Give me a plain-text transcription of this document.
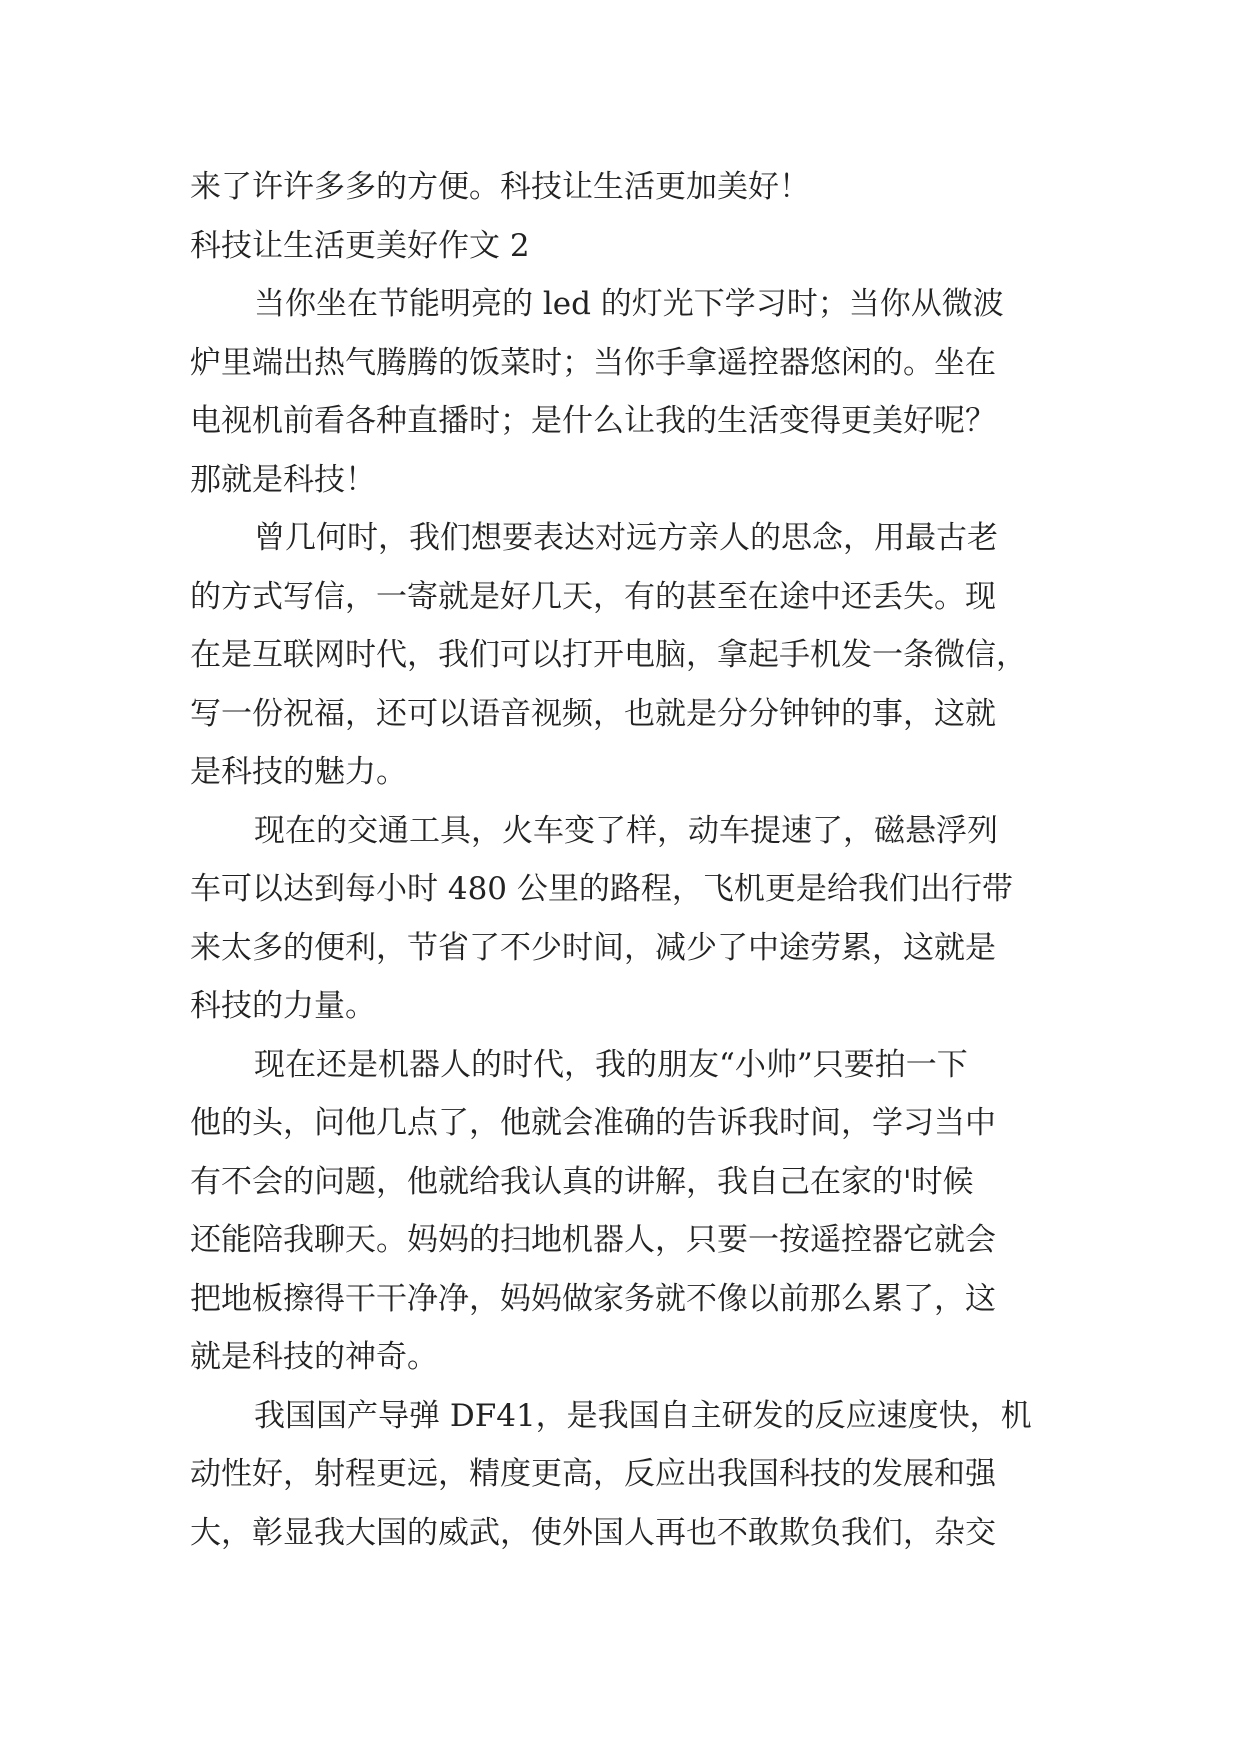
来了许许多多的方便。科技让生活更加美好！
科技让生活更美好作文 2
当你坐在节能明亮的 led 的灯光下学习时；当你从微波
炉里端出热气腾腾的饭菜时；当你手拿遥控器悠闲的。坐在
电视机前看各种直播时；是什么让我的生活变得更美好呢？
那就是科技！
曾几何时，我们想要表达对远方亲人的思念，用最古老
的方式写信，一寄就是好几天，有的甚至在途中还丢失。现
在是互联网时代，我们可以打开电脑，拿起手机发一条微信，
写一份祝福，还可以语音视频，也就是分分钟钟的事，这就
是科技的魅力。
现在的交通工具，火车变了样，动车提速了，磁悬浮列
车可以达到每小时 480 公里的路程，飞机更是给我们出行带
来太多的便利，节省了不少时间，减少了中途劳累，这就是
科技的力量。
现在还是机器人的时代，我的朋友“小帅”只要拍一下
他的头，问他几点了，他就会准确的告诉我时间，学习当中
有不会的问题，他就给我认真的讲解，我自己在家的'时候
还能陪我聊天。妈妈的扫地机器人，只要一按遥控器它就会
把地板擦得干干净净，妈妈做家务就不像以前那么累了，这
就是科技的神奇。
我国国产导弹 DF41，是我国自主研发的反应速度快，机
动性好，射程更远，精度更高，反应出我国科技的发展和强
大，彰显我大国的威武，使外国人再也不敢欺负我们，杂交
